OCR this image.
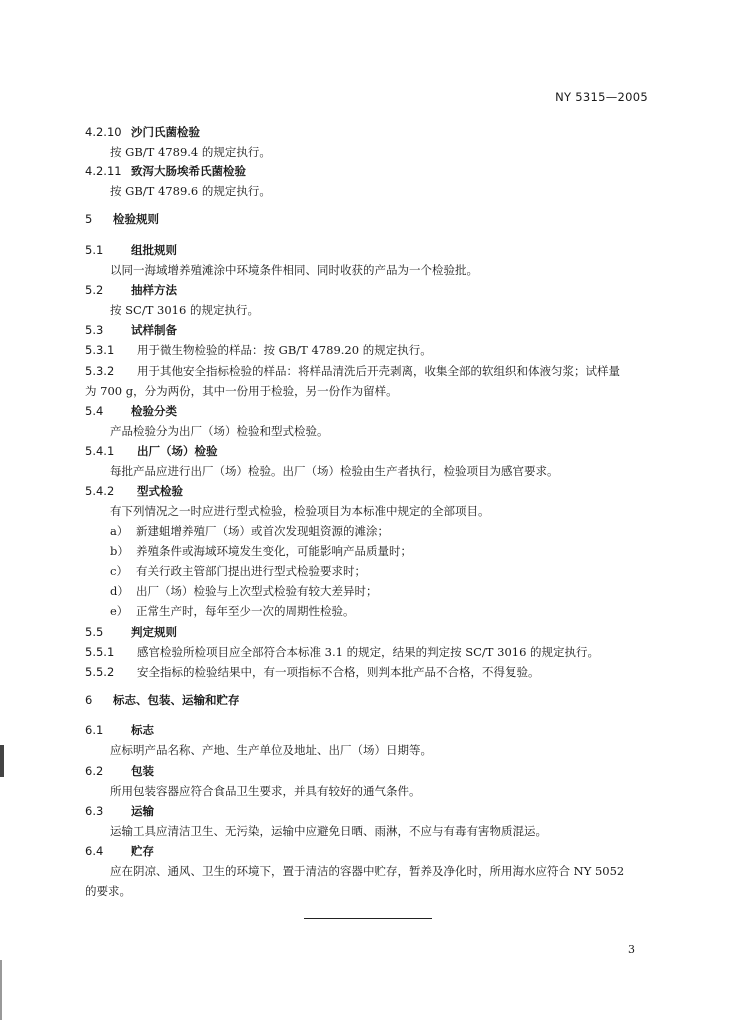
NY 5315—2005
4.2.10 沙门氏菌检验
按 GB/T 4789.4 的规定执行。
4.2.11 致泻大肠埃希氏菌检验
按 GB/T 4789.6 的规定执行。
5 检验规则
5.1 组批规则
以同一海域增养殖滩涂中环境条件相同、同时收获的产品为一个检验批。
5.2 抽样方法
按 SC/T 3016 的规定执行。
5.3 试样制备
5.3.1 用于微生物检验的样品：按 GB/T 4789.20 的规定执行。
5.3.2 用于其他安全指标检验的样品：将样品清洗后开壳剥离，收集全部的软组织和体液匀浆；试样量
为 700 g，分为两份，其中一份用于检验，另一份作为留样。
5.4 检验分类
产品检验分为出厂（场）检验和型式检验。
5.4.1 出厂（场）检验
每批产品应进行出厂（场）检验。出厂（场）检验由生产者执行，检验项目为感官要求。
5.4.2 型式检验
有下列情况之一时应进行型式检验，检验项目为本标准中规定的全部项目。
a） 新建蛆增养殖厂（场）或首次发现蛆资源的滩涂；
b） 养殖条件或海域环境发生变化，可能影响产品质量时；
c） 有关行政主管部门提出进行型式检验要求时；
d） 出厂（场）检验与上次型式检验有较大差异时；
e） 正常生产时，每年至少一次的周期性检验。
5.5 判定规则
5.5.1 感官检验所检项目应全部符合本标准 3.1 的规定，结果的判定按 SC/T 3016 的规定执行。
5.5.2 安全指标的检验结果中，有一项指标不合格，则判本批产品不合格，不得复验。
6 标志、包装、运输和贮存
6.1 标志
应标明产品名称、产地、生产单位及地址、出厂（场）日期等。
6.2 包装
所用包装容器应符合食品卫生要求，并具有较好的通气条件。
6.3 运输
运输工具应清洁卫生、无污染，运输中应避免日晒、雨淋，不应与有毒有害物质混运。
6.4 贮存
应在阴凉、通风、卫生的环境下，置于清洁的容器中贮存，暂养及净化时，所用海水应符合 NY 5052
的要求。
3
